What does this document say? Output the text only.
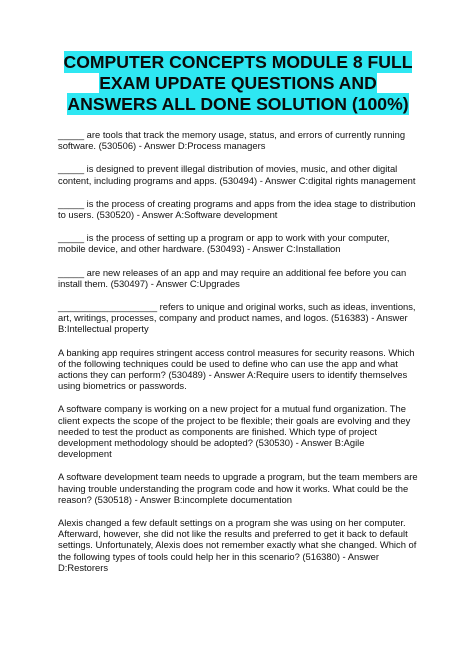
COMPUTER CONCEPTS MODULE 8 FULL EXAM UPDATE QUESTIONS AND ANSWERS ALL DONE SOLUTION (100%)

_____ are tools that track the memory usage, status, and errors of currently running software. (530506) - Answer D:Process managers

_____ is designed to prevent illegal distribution of movies, music, and other digital content, including programs and apps. (530494) - Answer C:digital rights management

_____ is the process of creating programs and apps from the idea stage to distribution to users. (530520) - Answer A:Software development

_____ is the process of setting up a program or app to work with your computer, mobile device, and other hardware. (530493) - Answer C:Installation

_____ are new releases of an app and may require an additional fee before you can install them. (530497) - Answer C:Upgrades

___________________ refers to unique and original works, such as ideas, inventions, art, writings, processes, company and product names, and logos. (516383) - Answer B:Intellectual property

A banking app requires stringent access control measures for security reasons. Which of the following techniques could be used to define who can use the app and what actions they can perform? (530489) - Answer A:Require users to identify themselves using biometrics or passwords.

A software company is working on a new project for a mutual fund organization. The client expects the scope of the project to be flexible; their goals are evolving and they needed to test the product as components are finished. Which type of project development methodology should be adopted? (530530) - Answer B:Agile development

A software development team needs to upgrade a program, but the team members are having trouble understanding the program code and how it works. What could be the reason? (530518) - Answer B:incomplete documentation

Alexis changed a few default settings on a program she was using on her computer. Afterward, however, she did not like the results and preferred to get it back to default settings. Unfortunately, Alexis does not remember exactly what she changed. Which of the following types of tools could help her in this scenario? (516380) - Answer D:Restorers
